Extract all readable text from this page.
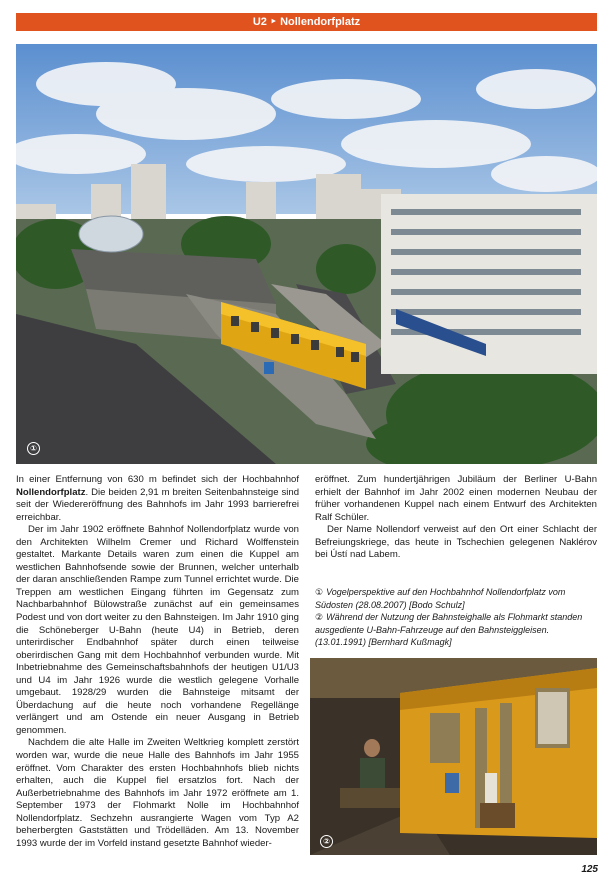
U2 ‣ Nollendorfplatz
①

In einer Entfernung von 630 m befindet sich der Hochbahnhof Nollendorfplatz. Die beiden 2,91 m breiten Seitenbahnsteige sind seit der Wiedereröffnung des Bahnhofs im Jahr 1993 barrierefrei erreichbar.

Der im Jahr 1902 eröffnete Bahnhof Nollendorfplatz wurde von den Architekten Wilhelm Cremer und Richard Wolffenstein gestaltet. Markante Details waren zum einen die Kuppel am westlichen Bahnhofsende sowie der Brunnen, welcher unterhalb der daran anschließenden Rampe zum Tunnel errichtet wurde. Die Treppen am westlichen Eingang führten im Gegensatz zum Nachbarbahnhof Bülowstraße zunächst auf ein gemeinsames Podest und von dort weiter zu den Bahnsteigen. Im Jahr 1910 ging die Schöneberger U-Bahn (heute U4) in Betrieb, deren unterirdischer Endbahnhof später durch einen teilweise oberirdischen Gang mit dem Hochbahnhof verbunden wurde. Mit Inbetriebnahme des Gemeinschaftsbahnhofs der heutigen U1/U3 und U4 im Jahr 1926 wurde die westlich gelegene Vorhalle umgebaut. 1928/29 wurden die Bahnsteige mitsamt der Überdachung auf die heute noch vorhandene Regellänge verlängert und am Ostende ein neuer Ausgang in Betrieb genommen.

Nachdem die alte Halle im Zweiten Weltkrieg komplett zerstört worden war, wurde die neue Halle des Bahnhofs im Jahr 1955 eröffnet. Vom Charakter des ersten Hochbahnhofs blieb nichts erhalten, auch die Kuppel fiel ersatzlos fort. Nach der Außerbetriebnahme des Bahnhofs im Jahr 1972 eröffnete am 1. September 1973 der Flohmarkt Nolle im Hochbahnhof Nollendorfplatz. Sechzehn ausrangierte Wagen vom Typ A2 beherbergten Gaststätten und Trödelläden. Am 13. November 1993 wurde der im Vorfeld instand gesetzte Bahnhof wieder-

eröffnet. Zum hundertjährigen Jubiläum der Berliner U-Bahn erhielt der Bahnhof im Jahr 2002 einen modernen Neubau der früher vorhandenen Kuppel nach einem Entwurf des Architekten Ralf Schüler.

Der Name Nollendorf verweist auf den Ort einer Schlacht der Befreiungskriege, das heute in Tschechien gelegenen Naklérov bei Ústí nad Labem.

① Vogelperspektive auf den Hochbahnhof Nollendorfplatz vom Südosten (28.08.2007) [Bodo Schulz]

② Während der Nutzung der Bahnsteighalle als Flohmarkt standen ausgediente U-Bahn-Fahrzeuge auf den Bahnsteiggleisen. (13.01.1991) [Bernhard Kußmagk]

②
125
